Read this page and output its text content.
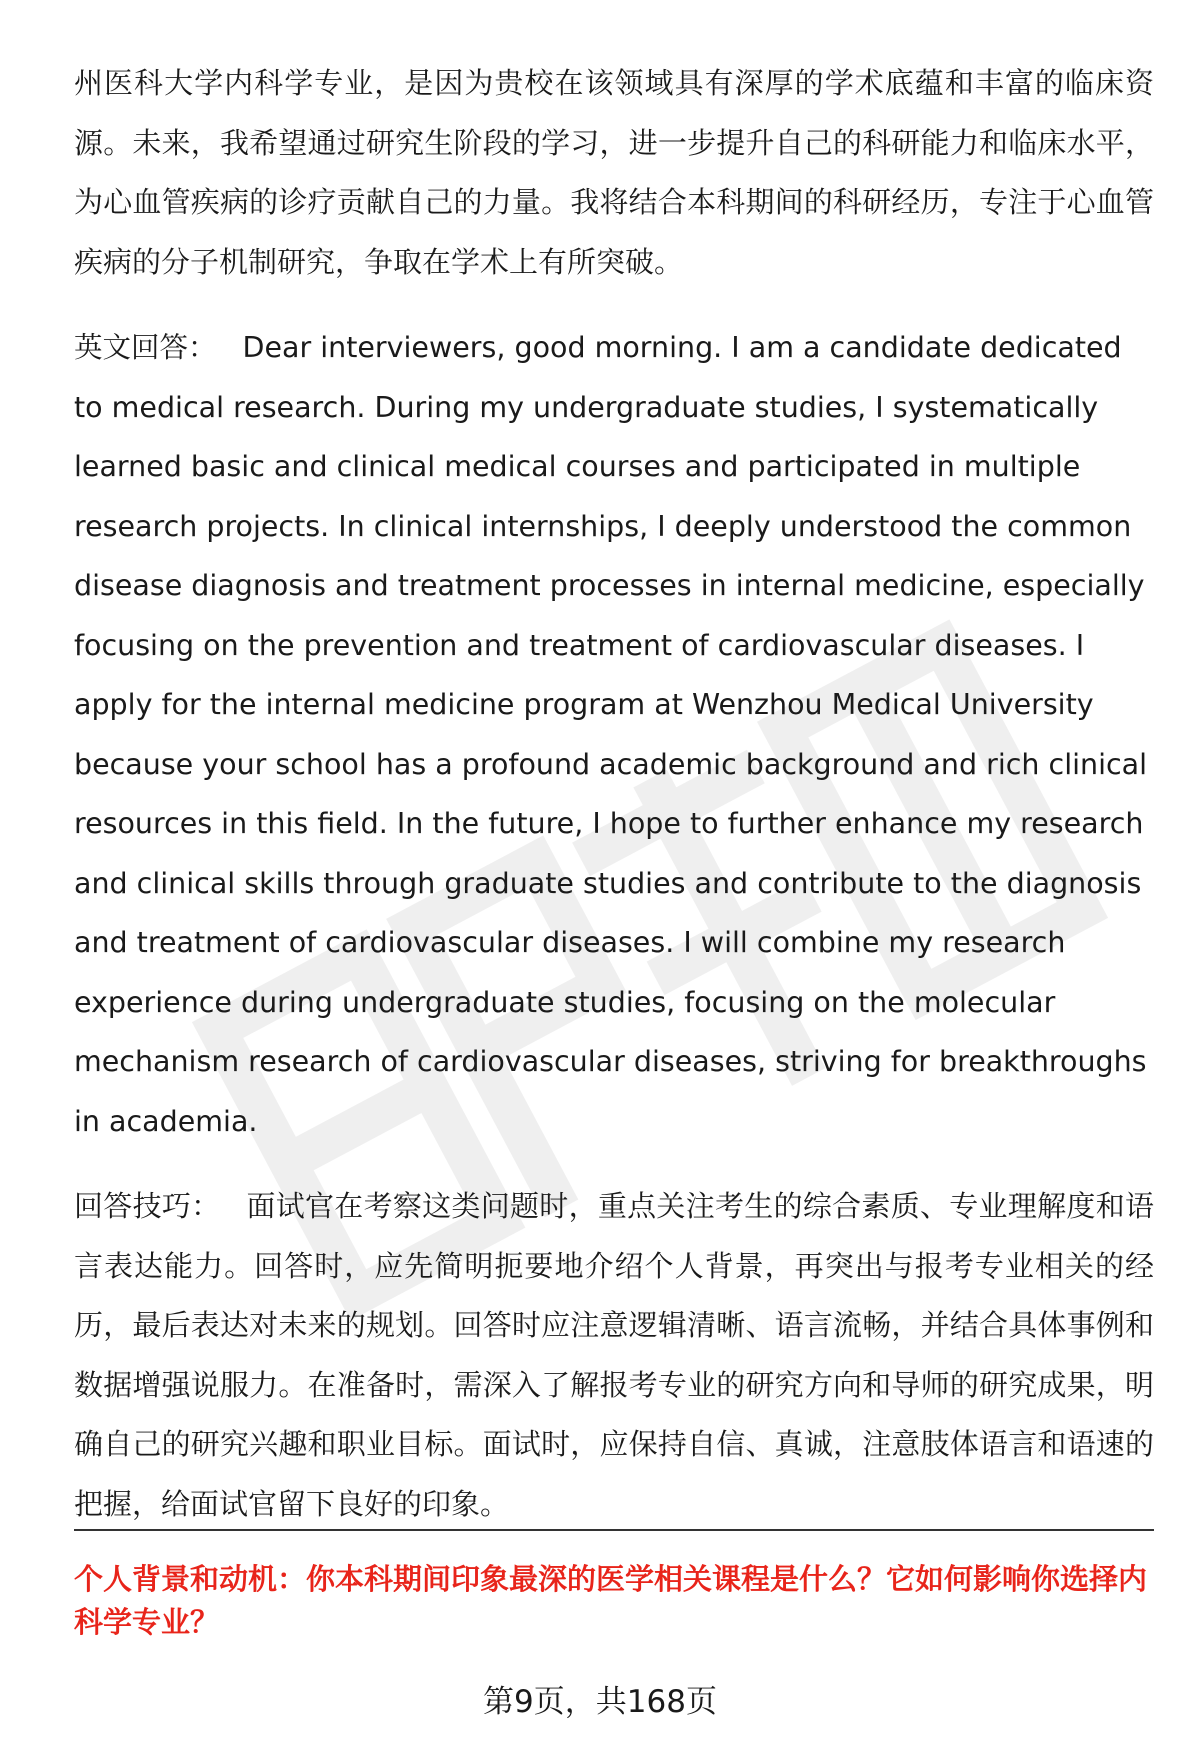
州医科大学内科学专业，是因为贵校在该领域具有深厚的学术底蕴和丰富的临床资源。未来，我希望通过研究生阶段的学习，进一步提升自己的科研能力和临床水平，为心血管疾病的诊疗贡献自己的力量。我将结合本科期间的科研经历，专注于心血管疾病的分子机制研究，争取在学术上有所突破。

英文回答： Dear interviewers, good morning. I am a candidate dedicated to medical research. During my undergraduate studies, I systematically learned basic and clinical medical courses and participated in multiple research projects. In clinical internships, I deeply understood the common disease diagnosis and treatment processes in internal medicine, especially focusing on the prevention and treatment of cardiovascular diseases. I apply for the internal medicine program at Wenzhou Medical University because your school has a profound academic background and rich clinical resources in this field. In the future, I hope to further enhance my research and clinical skills through graduate studies and contribute to the diagnosis and treatment of cardiovascular diseases. I will combine my research experience during undergraduate studies, focusing on the molecular mechanism research of cardiovascular diseases, striving for breakthroughs in academia.

回答技巧： 面试官在考察这类问题时，重点关注考生的综合素质、专业理解度和语言表达能力。回答时，应先简明扼要地介绍个人背景，再突出与报考专业相关的经历，最后表达对未来的规划。回答时应注意逻辑清晰、语言流畅，并结合具体事例和数据增强说服力。在准备时，需深入了解报考专业的研究方向和导师的研究成果，明确自己的研究兴趣和职业目标。面试时，应保持自信、真诚，注意肢体语言和语速的把握，给面试官留下良好的印象。

个人背景和动机：你本科期间印象最深的医学相关课程是什么？它如何影响你选择内科学专业？
第9页，共168页
